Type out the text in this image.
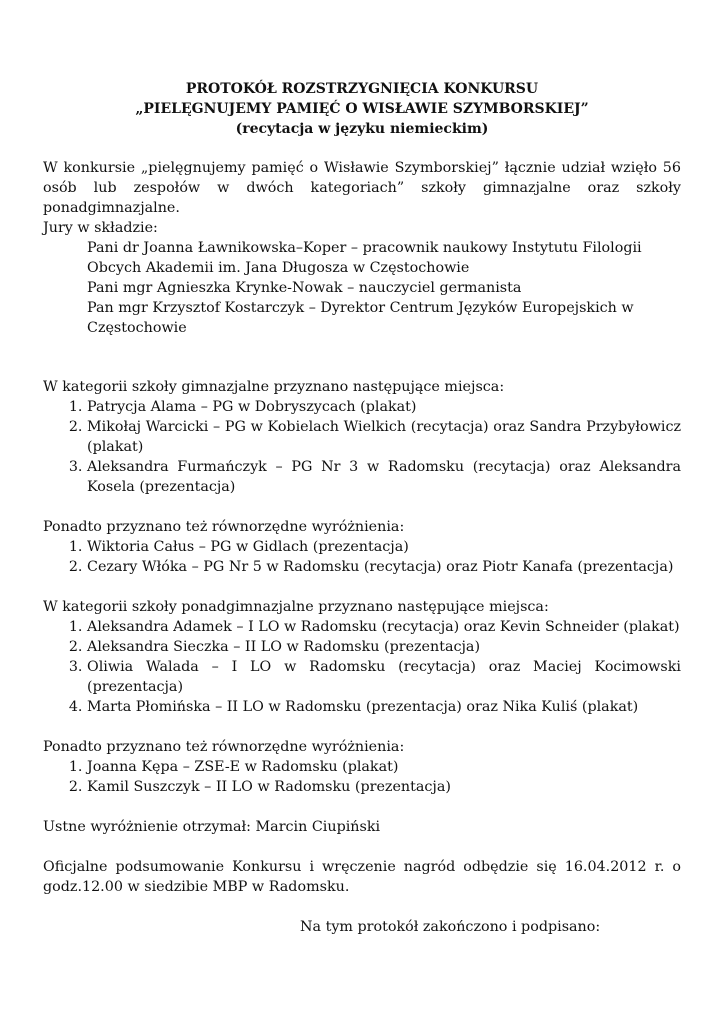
PROTOKÓŁ ROZSTRZYGNIĘCIA KONKURSU
„PIELĘGNUJEMY PAMIĘĆ O WISŁAWIE SZYMBORSKIEJ”
(recytacja w języku niemieckim)

W konkursie „pielęgnujemy pamięć o Wisławie Szymborskiej” łącznie udział wzięło 56 osób lub zespołów w dwóch kategoriach” szkoły gimnazjalne oraz szkoły ponadgimnazjalne.

Jury w składzie:
Pani dr Joanna Ławnikowska–Koper – pracownik naukowy Instytutu Filologii Obcych Akademii im. Jana Długosza w Częstochowie
Pani mgr Agnieszka Krynke-Nowak – nauczyciel germanista
Pan mgr Krzysztof Kostarczyk – Dyrektor Centrum Języków Europejskich w Częstochowie
W kategorii szkoły gimnazjalne przyznano następujące miejsca:
1. Patrycja Alama – PG w Dobryszycach (plakat)
2. Mikołaj Warcicki – PG w Kobielach Wielkich (recytacja) oraz Sandra Przybyłowicz (plakat)
3. Aleksandra Furmańczyk – PG Nr 3 w Radomsku (recytacja) oraz Aleksandra Kosela (prezentacja)
Ponadto przyznano też równorzędne wyróżnienia:
1. Wiktoria Całus – PG w Gidlach (prezentacja)
2. Cezary Włóka – PG Nr 5 w Radomsku (recytacja) oraz Piotr Kanafa (prezentacja)
W kategorii szkoły ponadgimnazjalne przyznano następujące miejsca:
1. Aleksandra Adamek – I LO w Radomsku (recytacja) oraz Kevin Schneider (plakat)
2. Aleksandra Sieczka – II LO w Radomsku (prezentacja)
3. Oliwia Walada – I LO w Radomsku (recytacja) oraz Maciej Kocimowski (prezentacja)
4. Marta Płomińska – II LO w Radomsku (prezentacja) oraz Nika Kuliś (plakat)
Ponadto przyznano też równorzędne wyróżnienia:
1. Joanna Kępa – ZSE-E w Radomsku (plakat)
2. Kamil Suszczyk – II LO w Radomsku (prezentacja)
Ustne wyróżnienie otrzymał: Marcin Ciupiński

Oficjalne podsumowanie Konkursu i wręczenie nagród odbędzie się 16.04.2012 r. o godz.12.00 w siedzibie MBP w Radomsku.

Na tym protokół zakończono i podpisano:
